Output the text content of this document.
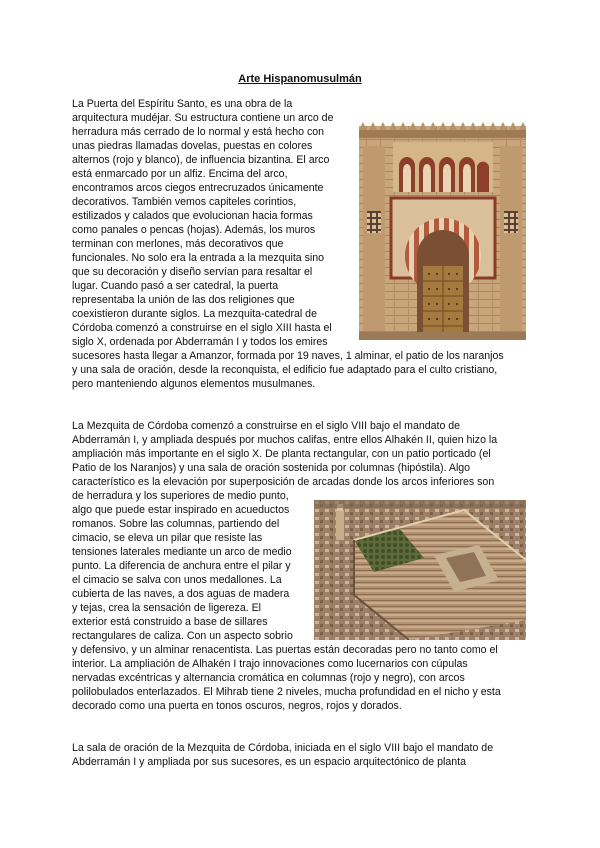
Arte Hispanomusulmán
La Puerta del Espíritu Santo, es una obra de la
arquitectura mudéjar. Su estructura contiene un arco de
herradura más cerrado de lo normal y está hecho con
unas piedras llamadas dovelas, puestas en colores
alternos (rojo y blanco), de influencia bizantina. El arco
está enmarcado por un alfiz. Encima del arco,
encontramos arcos ciegos entrecruzados únicamente
decorativos. También vemos capiteles corintios,
estilizados y calados que evolucionan hacia formas
como panales o pencas (hojas). Además, los muros
terminan con merlones, más decorativos que
funcionales. No solo era la entrada a la mezquita sino
que su decoración y diseño servían para resaltar el
lugar. Cuando pasó a ser catedral, la puerta
representaba la unión de las dos religiones que
coexistieron durante siglos. La mezquita-catedral de
Córdoba comenzó a construirse en el siglo XIII hasta el
siglo X, ordenada por Abderramán I y todos los emires
sucesores hasta llegar a Amanzor, formada por 19 naves, 1 alminar, el patio de los naranjos
y una sala de oración, desde la reconquista, el edificio fue adaptado para el culto cristiano,
pero manteniendo algunos elementos musulmanes.
La Mezquita de Córdoba comenzó a construirse en el siglo VIII bajo el mandato de
Abderramán I, y ampliada después por muchos califas, entre ellos Alhakén II, quien hizo la
ampliación más importante en el siglo X. De planta rectangular, con un patio porticado (el
Patio de los Naranjos) y una sala de oración sostenida por columnas (hipóstila). Algo
característico es la elevación por superposición de arcadas donde los arcos inferiores son
de herradura y los superiores de medio punto,
algo que puede estar inspirado en acueductos
romanos. Sobre las columnas, partiendo del
cimacio, se eleva un pilar que resiste las
tensiones laterales mediante un arco de medio
punto. La diferencia de anchura entre el pilar y
el cimacio se salva con unos medallones. La
cubierta de las naves, a dos aguas de madera
y tejas, crea la sensación de ligereza. El
exterior está construido a base de sillares
rectangulares de caliza. Con un aspecto sobrio
y defensivo, y un alminar renacentista. Las puertas están decoradas pero no tanto como el
interior. La ampliación de Alhakén I trajo innovaciones como lucernarios con cúpulas
nervadas excéntricas y alternancia cromática en columnas (rojo y negro), con arcos
polilobulados enterlazados. El Mihrab tiene 2 niveles, mucha profundidad en el nicho y esta
decorado como una puerta en tonos oscuros, negros, rojos y dorados.
La sala de oración de la Mezquita de Córdoba, iniciada en el siglo VIII bajo el mandato de
Abderramán I y ampliada por sus sucesores, es un espacio arquitectónico de planta
